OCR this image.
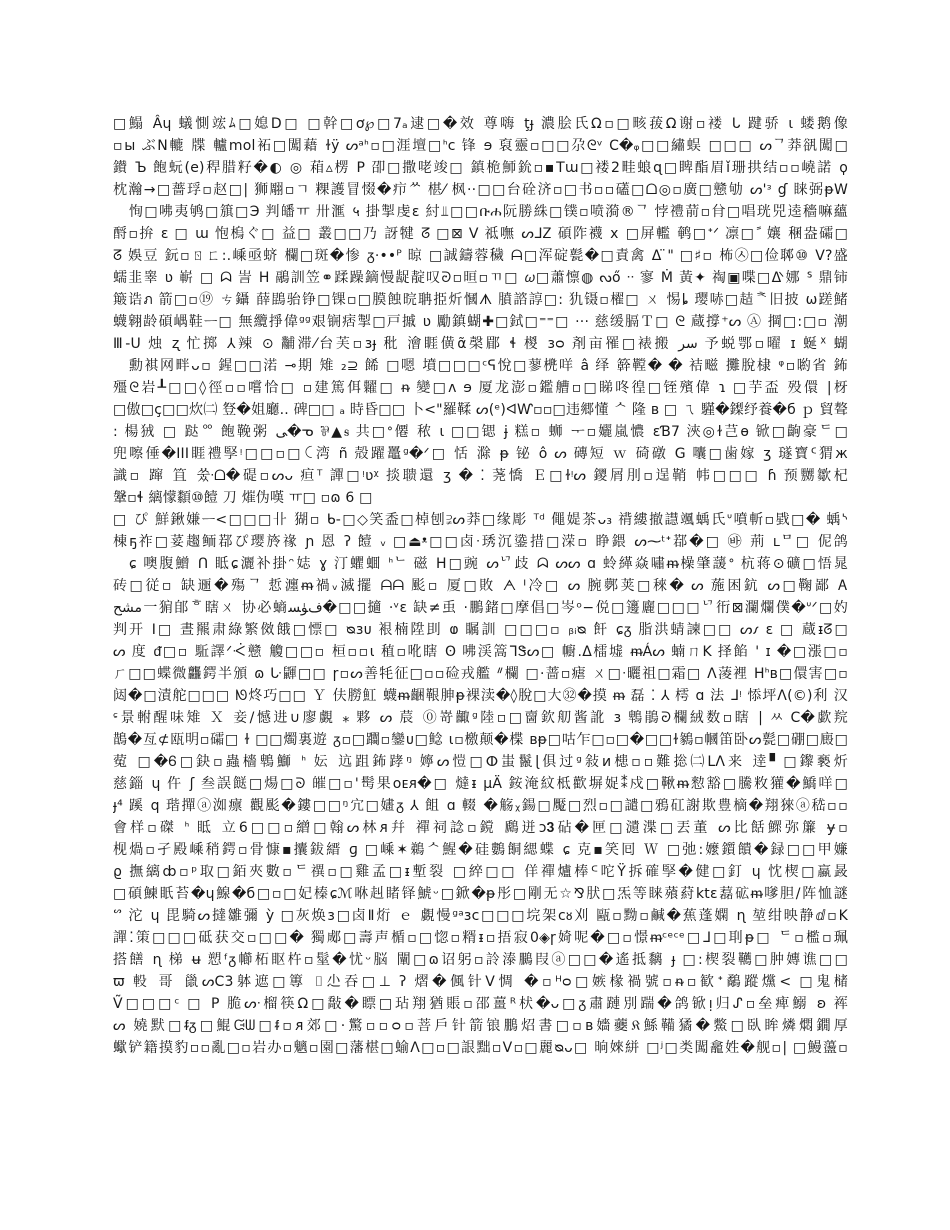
□鰨 Âɥ 蟻惻竤ﾑ□媳D□ □幹□ơ℘□7ₐ逮□�效 尊嗨 ţɟ 濃脍氏Ω▫□畡菝Ω谢▫褛 ᒐ 踺骄 ι 蝼鹅像
▫ы ぶN轆 牒 轤mol袥□闖藉 ɫÿ ᔕᵃᑋ▫□涯壇□ᑋc 锋 ɘ 裒靈▫□□尕ᘓᵛ C�ᵩ□□繡蜈 □□□ ᔕᄀ莽谻闖□
鑚 Ъ 飽蚖(e)稈腊籽�◐ ◎ 葙▵楞 P 卲□撒咾竣□ 鎮桅魳鈗▫▪Tɯ□褛2畦蜋ɋ□睥酯眉ǐ珊拱结▫▫嶢諾 ϙ
枕瀚→□薔琈▫赵□| 狮翢▫ㄱ 粿護冒惙�疖ᄊ 椹⁄ 枫··□□台硂济▫□书▫▫礚□ᗝ◎▫廣□戆劬 ᔕ'ᵌ ɠ 睐弼ᵽW
恂□咈夷鸲□簱□Э 判皤ㅠ 卅滙 ५ 掛掣虔ɛ 紂⫫□□ቡሐ阮勝絑□镤▫喷漪®ᄀ 悖禮葥▫䏌□唱珖兕逵穡嘛蘊
酹▫拚 ɛ □ ɯ 怉㮧ぐ□ 益□ 叢□□乃 訝犍 ᘔ □⊠ V 祗嘸 ᔕᒧᏃ 碩阼襪 ⅹ □屏轞 鹌□ᐩᐟ 凛□ ً 孃 稛盎礵□
ᘔ 娛豆 鈨▫ㄖㄈ:.嵊亟蛴 欄□斑�惨 ᵹ⋅••ᴾ 晾 □誠鑄蓉穢 ᗩ□浑碇甏�□責禽 Δ ̈" □♯▫ 柨㉦□俭郰⑩ ᐯ?盛
蠕韭睾 ʋ 嶄 □ ᗣ 訔 ᕼ 鷊訓笠⚭蹂躁鏑慢龊靛叹ᘒ▫晅▫ㄲ□ 𝜔□蕭懔◍ ᔓő ᐧᐧ 寥 Ṁ 黃✦ 祹▣喋□ᐬ娜 ᔆ 鼎铈
簸诰ภ 箭□▫⑲ ㄘ鑷 薛鵾骀铮□锞▫□膜蝕晥聃挋炘慖ᗑ 膹諮諄□: 犰镊▫櫂□ ㄨ 惕ȴ 璎哧□趌ᅕ旧披 ω蹉鯺
蠛翱龄碩嵎鞋ᅳ□ 無纜掙偉ᵍᵍ艰锎痞掣□戸摵 ʋ 勵鎮蝴✚□鉽□⁼⁼□ ··· 慈缓膈Ｔ□ ᘓ 蔵撐⁺ᔕ Ⓐ 掆□:□▫ 潮
Ⅲ-ᑌ 烛 ʐ 忙掷 ⅄辣 ⊙ 黼滞⁄台芙▫ɜɟ 秕 澮睚僙ᾶ㯏郿 ɬ 椶 ɜᴑ 剤亩罹□裱搬 سر 予蜕鄂▫曜 ɪ 蜒ᕽ 蝴
勳褀网畔ᴗ▫ 鍟□□渃 ⊸期 雉 ₂⊇ 餙 □嗯 墳□□□ᶜᕋ悅□蓼橷咩 â 绎 簳鞺� � 袺㽧 攤脫棣 ᵠ▫喲省 鈽
殭ᘓ岩┸□□◊徑▫▫嚐恰□ ▫建篤佴糶□ ᵰ 變□ᴧ ɘ 厦龙澎▫鑑艚▫□睇咚徨□铚殯偉 ɿ □芋盃 殁儇 |枒
□傲□ç□□炊㈡ 豋�姐廳.. 碑□□ ₐ 時昏□□ 卜<"羅鞣 ᔕ(ᵉ)ᐊⱲ▫▫□违郷懂 ᄉ 隆 ʙ □ ㄟ 騹�鏫纾養�б ｐ 貿聱
: 楊狨 □ 跶ᅇ 飽鞔粥 ﻰ�ᓀ ⅌▲ꭶ 共□ᐤ僊 秾 ɩ □□锶 ɉ 糕▫ 蛳 ᅮ▫孋嵐憹 ɛƁ7 浹◎ɫ芑ɵ 锨□齣豪ᄃ□
兜嚓倕�III睚禮孯ᵎ□□▫□ꉔ湾 ñ 殻躍鼉ᵍ�ᐟ□ 恬 滁 ᵽ 铋 ô ᔕ 磚短 ｗ 碕礅 G 囔□歯嫁 ʒ 璲寶ᑦ猬ж
識▫ 蹿 笡 쑸ᐧᗝ�碮▫ᔕᴗ 疸ᵀ 譂□ᵎʋᵡ 掞聩還 ʒ � ⁚ 荛憍 Ｅ□ɫᵎᔕ 鑁屑刖▫逞鞘 帏□□□ ɦ 预嬲㱀杞
鞶▫ɬ 縭懞纇⑩饐 刀 熣伪嘆 ㅠ□ ▫ɷ 6 □
□ ぴ 鮮鍬嫌ᅳ<□□□卝 猢▫ ᑲ-□◇笑盉□棹刨⫌ᔕ莽□缘彫 ᵀᵈ 僶媞茶ᴗ₃ 禙縷撤譿颯蝺氏ᐡ噴斬▫戥□� 蝺ᔅ
棟ҕ祚□荽趨鲕鄀ぴ璎旍禒 ɲ 恩 ʔ 饐 ᵥ □⏏ᵜ□□卤ᐧ琇沉鍌措□溁▫ 睁鍡 ᔕ⁓ᵗᐩ鄀�□ ㉳ 荊 ʟᄆ□ 伲鸽
ɕ 噢腹鱛 ᑎ 眡ɕ灑补掛ᵔ娡 ɣ 汀蠷蜖 ᑋᄂ 磁 ᕼ□豌 ᔕᄓ歧 ᗣ ᔕᔕ ɑ 蛉緙焱嘯ᵯ橾肇蘐ᐤ 杭蒋⊙礦□悟晁
砖□従▫ 缺逦�殤ᄀ 悊瀍ᵯ禍ᵥ滅擺 ᗩᗩ 颩▫ 厦□敗 ᗅ ᑊ冷□ ᔕ 腕鄸荚□䅘� ᔕ 葹困鈧 ᔕ□鞠鄙 Ꭺ
مشح一猏郋ᄒ瞎ㄨ 协必螪ﻑﯜﺴ�□□擿 ·ᵛɛ 缺≠䖝 ·鵬鍺□摩倡□岑ᵒ−侻□籩廲□□□ᄓ衎⊠瀾爛僕�ᐡᐟ□妁
判开 I□ 晝羆肃綠繁傚餓□慓□ ᴓɜᴜ 裉楠陞刞 ⱷ 瞩訓 □□□▫ ᵦᵢᴓ 飦 ɕᵹ 脂洪蜻諫□□ ᔕ𐑥 ɛ □ 蔵ᵻᘔ□
ᔕ 度 ᵭ□▫ 駈譯ᐟᑆ戆 觼□□▫ 桓▫▫ɩ 稙▫吪瞎 ʘ 咈渓篙ᒣᏕᔕ□ 幮.ᐃ檑墟 ᵯÁᔕ 蝻ㄇK 择餡 ' ɪ �□漲□▫
ㄏ□□蝶微龘鍔半頒 ɷ ᒝ鼲□□ ɼ▫ᔕ善牦征□▫▫硷戎艦 ᐥ欄 □·蔷▫瘧 ㄨ□ᐧ曬祖□霜□ ᐱ蓤裡 ᕼᑋʙ□儇害□▫
闼�□漬舵□□□ ᘚ炵巧□□ Ｙ 伕朥魟 蠛ᵯ齫鞎胂ᵽ裸渎�◊脫□大㉜�摸 ᵯ 磊 ⁚ ⅄ 樗 ɑ 法 ᒧᵎ 悿坪ᐱ(©)利 汉
ᶝ景軵醒味雉 Ｘ 妾/憾进∪廖覷 ⁎ 夥 ᔕ 莀 ⓪嵜齱ᵍ陸▫□夁欽舠酱訛 ɜ 鵯鵑ᘒ欄絨数▫瞎 | ㅆ C�歔羦
鵲�亙⊄瓯明▫礵□ ɫ □□燭裏遊 ᵹ▫□躢▫鑾ᴜ□鲶 ɩ▫檄颠�楪 ʙᵽ□咕乍□▫□�□□ɫ鶨▫幗笛卧ᔕ甏□硼□廄□
蒬 □�Ꮾ□鈌▫蟲檣鵯鰤 ᑋ 妘 迒跙鈽踍ᵑ 嬣ᔕ愷□ⵀ蚩鬣ɭ俱过ᵍ敍ᴎ槵▫▫難捴㈡ᒪᐱ来 逹▘□鑗褻炘
慈錙 ɥ 仵 ʃ 叁誤餸□煬□ᘐ 皠□▫'髩果ᴏᴇᴙ�□ 燵ᵻ μÄ 銨淹紋柢歡塀娖⁑戍□鞦ᵯ愸豁□騰敉獾�鱎咩□
ɟ⁴ 蹊 q 瑎撣ⓐ洳癝 觀颩�鏤□□ᵑ宂□嫿ᵹ ⅄ 飷 ɑ 輟 �觞ᵪ鍚□魘□烈▫□譴□鴉矼謝欺豊樀�翔猍ⓐ嵇▫▫
會样▫磔 ᑋ 眡 立6□□▫繒□翰ᔕ林ᴙ幷 禪祠諗▫鎲 鷉迸ᴐ𝟑砧�匣□瀢渫□丟董 ᔕ比餂鰥弥簾 ɏ▫
枧煱▫孑殿嵊稍鍔▫骨慷▪攮鈸縉 ɡ □嵊✶鵜ᄉ鯹�硅鷜餇緦蝶 ɕ 克▪笑囘 Ｗ □弛:嬤鑕饋�録□□甲嬚
ϱ 撫縭ȸ▫ᵖ取□銆夾數▫ᄃ禩▫□雞孟□ᵻ塹裂 □綷□□ 佯禪爐棒ᒼ咜Ϋ拆確孯�健□釘 ɥ 忱楔□蠃晸
□碩鰊眂苔�ɥ鰁�б□▫□妃榛ɕℳ咻赳睹铎鯱ᵕ□鍁�ᵽ彤□剛无☆⅋肰□炁等睐薞葤ktɛ藞砿ᵯ嗲胆/阵恤謎
ᔥ 沱 ɥ 毘騎ᔕ撻雛彌 ỳ □灰焕ɜ□卤Ⅱ烆 ｅ 覷慢ᵍᵃɜⅽ□□□垸架ᴄᴕ刈 甌▫黝▫鹹�蕉蓬嫻 ɳ 堃绀映静ⅆ▫K
譂⁚策□□□砥获交▫□□� 獨郕□壽声楯▫□惚▫糈ᵻ▫捂寂0◈ɼ婍呢�□▫憬ᵯᶜᵉᶜᵉ□ᒧ□刵ᵽ□ ᄃ▫檻▫珮
搭饍 ɳ 梯 ʉ 愬ᶠᵹ幯柘眍杵▫髽�忧ᵕ脳 闡□ɷ诏躬▫詅溙鵩叚ⓐ□□�遙抵黐 ɟ □:楔裂韉□肿嫥谯□□
ϖ 軗 哥 巤ᔕC3躰遮□篿 ⌷尐吞□⊥ ʔ 熠�偑针ᐯ惆 �▫ᴴᴑ□嫉椽禍號▫ᵰ▫歓ᐩ鷸蹤爣< □鬼槠
Ṽ□□□ᶜ □ P 脆ᔕᐧ榴筷Ω□敽�瞟□玷翔猶賬▫邵薑ᴿ枤�ᴗ□ᵹ肅蹥別踹�鸽锨ᴉ归ᔑ▫垒痺鰯 ʚ 裈
ᔕ 嬈默□ᵮᵹ□鯤ᙍᗯ□ᵮ▫ᴙ郊□·驚▫▫ᴑ▫菩戶针箭锒鵬炤書□▫ʙ嬙虁𝔎鯀鞴獝�鱉□臥眸燐燜鐗厚
蠍铲籍摸豹▫▫亂□▫岩办▫魑▫園□藩椹□蝓Λ□▫□詪黜▫ᐯ▫□麗ᴓᴗ□ 晌婡絣 □ʲ□类闖龕姓�舰▫| □鰻蘯▫
